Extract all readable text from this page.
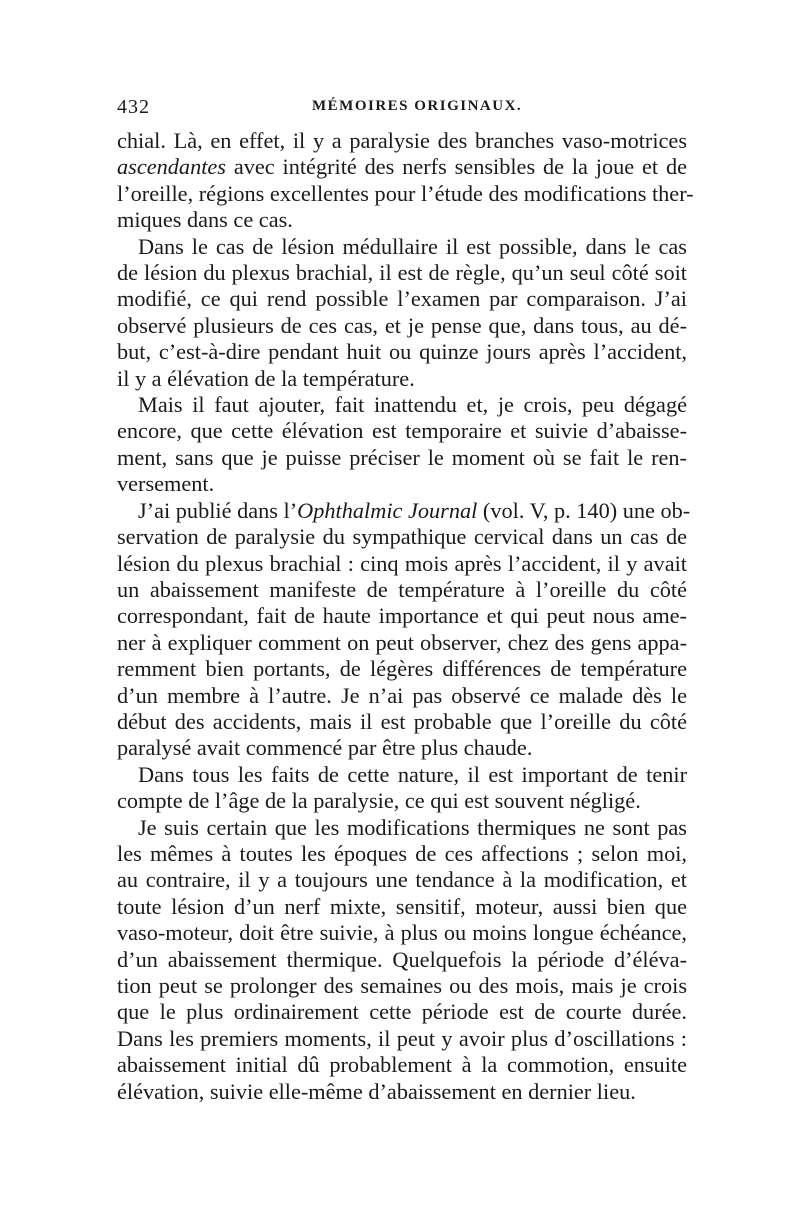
432	MÉMOIRES ORIGINAUX.
chial. Là, en effet, il y a paralysie des branches vaso-motrices
ascendantes avec intégrité des nerfs sensibles de la joue et de
l’oreille, régions excellentes pour l’étude des modifications ther-
miques dans ce cas.
Dans le cas de lésion médullaire il est possible, dans le cas
de lésion du plexus brachial, il est de règle, qu’un seul côté soit
modifié, ce qui rend possible l’examen par comparaison. J’ai
observé plusieurs de ces cas, et je pense que, dans tous, au dé-
but, c’est-à-dire pendant huit ou quinze jours après l’accident,
il y a élévation de la température.
Mais il faut ajouter, fait inattendu et, je crois, peu dégagé
encore, que cette élévation est temporaire et suivie d’abaisse-
ment, sans que je puisse préciser le moment où se fait le ren-
versement.
J’ai publié dans l’Ophthalmic Journal (vol. V, p. 140) une ob-
servation de paralysie du sympathique cervical dans un cas de
lésion du plexus brachial : cinq mois après l’accident, il y avait
un abaissement manifeste de température à l’oreille du côté
correspondant, fait de haute importance et qui peut nous ame-
ner à expliquer comment on peut observer, chez des gens appa-
remment bien portants, de légères différences de température
d’un membre à l’autre. Je n’ai pas observé ce malade dès le
début des accidents, mais il est probable que l’oreille du côté
paralysé avait commencé par être plus chaude.
Dans tous les faits de cette nature, il est important de tenir
compte de l’âge de la paralysie, ce qui est souvent négligé.
Je suis certain que les modifications thermiques ne sont pas
les mêmes à toutes les époques de ces affections ; selon moi,
au contraire, il y a toujours une tendance à la modification, et
toute lésion d’un nerf mixte, sensitif, moteur, aussi bien que
vaso-moteur, doit être suivie, à plus ou moins longue échéance,
d’un abaissement thermique. Quelquefois la période d’éléva-
tion peut se prolonger des semaines ou des mois, mais je crois
que le plus ordinairement cette période est de courte durée.
Dans les premiers moments, il peut y avoir plus d’oscillations :
abaissement initial dû probablement à la commotion, ensuite
élévation, suivie elle-même d’abaissement en dernier lieu.
